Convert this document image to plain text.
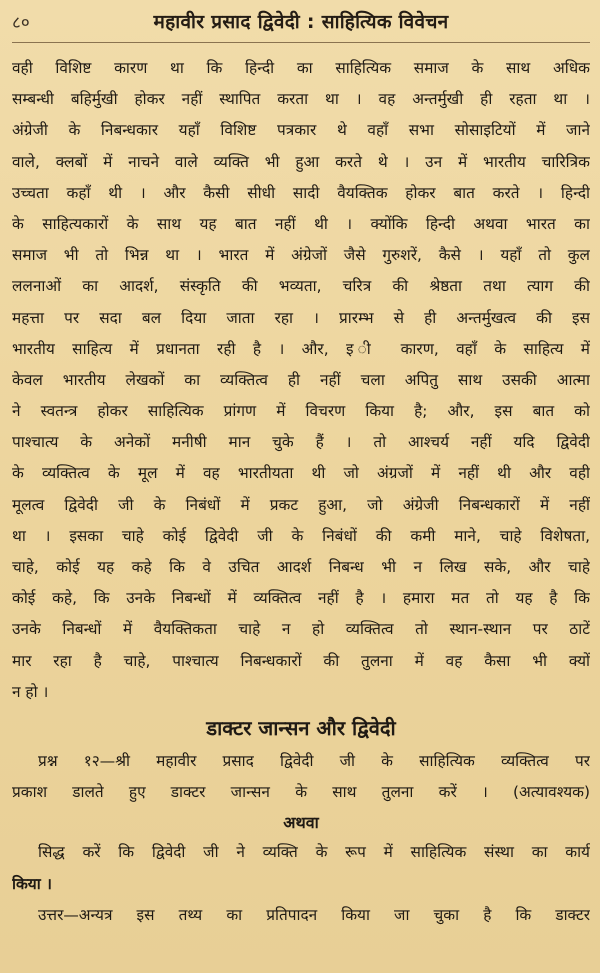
८०	महावीर प्रसाद द्विवेदी : साहित्यिक विवेचन
वही विशिष्ट कारण था कि हिन्दी का साहित्यिक समाज के साथ अधिक
सम्बन्धी बहिर्मुखी होकर नहीं स्थापित करता था । वह अन्तर्मुखी ही रहता था ।
अंग्रेजी के निबन्धकार यहाँ विशिष्ट पत्रकार थे वहाँ सभा सोसाइटियों में जाने
वाले, क्लबों में नाचने वाले व्यक्ति भी हुआ करते थे । उन में भारतीय चारित्रिक
उच्चता कहाँ थी । और कैसी सीधी सादी वैयक्तिक होकर बात करते । हिन्दी
के साहित्यकारों के साथ यह बात नहीं थी । क्योंकि हिन्दी अथवा भारत का
समाज भी तो भिन्न था । भारत में अंग्रेजों जैसे गुरुशरें, कैसे । यहाँ तो कुल
ललनाओं का आदर्श, संस्कृति की भव्यता, चरित्र की श्रेष्ठता तथा त्याग की
महत्ता पर सदा बल दिया जाता रहा । प्रारम्भ से ही अन्तर्मुखत्व की इस
भारतीय साहित्य में प्रधानता रही है । और, इ ी कारण, वहाँ के साहित्य में
केवल भारतीय लेखकों का व्यक्तित्व ही नहीं चला अपितु साथ उसकी आत्मा
ने स्वतन्त्र होकर साहित्यिक प्रांगण में विचरण किया है; और, इस बात को
पाश्चात्य के अनेकों मनीषी मान चुके हैं । तो आश्चर्य नहीं यदि द्विवेदी
के व्यक्तित्व के मूल में वह भारतीयता थी जो अंग्रजों में नहीं थी और वही
मूलत्व द्विवेदी जी के निबंधों में प्रकट हुआ, जो अंग्रेजी निबन्धकारों में नहीं
था । इसका चाहे कोई द्विवेदी जी के निबंधों की कमी माने, चाहे विशेषता,
चाहे, कोई यह कहे कि वे उचित आदर्श निबन्ध भी न लिख सके, और चाहे
कोई कहे, कि उनके निबन्धों में व्यक्तित्व नहीं है । हमारा मत तो यह है कि
उनके निबन्धों में वैयक्तिकता चाहे न हो व्यक्तित्व तो स्थान-स्थान पर ठाटें
मार रहा है चाहे, पाश्चात्य निबन्धकारों की तुलना में वह कैसा भी क्यों
न हो ।
डाक्टर जान्सन और द्विवेदी
प्रश्न १२—श्री महावीर प्रसाद द्विवेदी जी के साहित्यिक व्यक्तित्व पर
प्रकाश डालते हुए डाक्टर जान्सन के साथ तुलना करें । (अत्यावश्यक)
अथवा
सिद्ध करें कि द्विवेदी जी ने व्यक्ति के रूप में साहित्यिक संस्था का कार्य
किया ।
उत्तर—अन्यत्र इस तथ्य का प्रतिपादन किया जा चुका है कि डाक्टर
